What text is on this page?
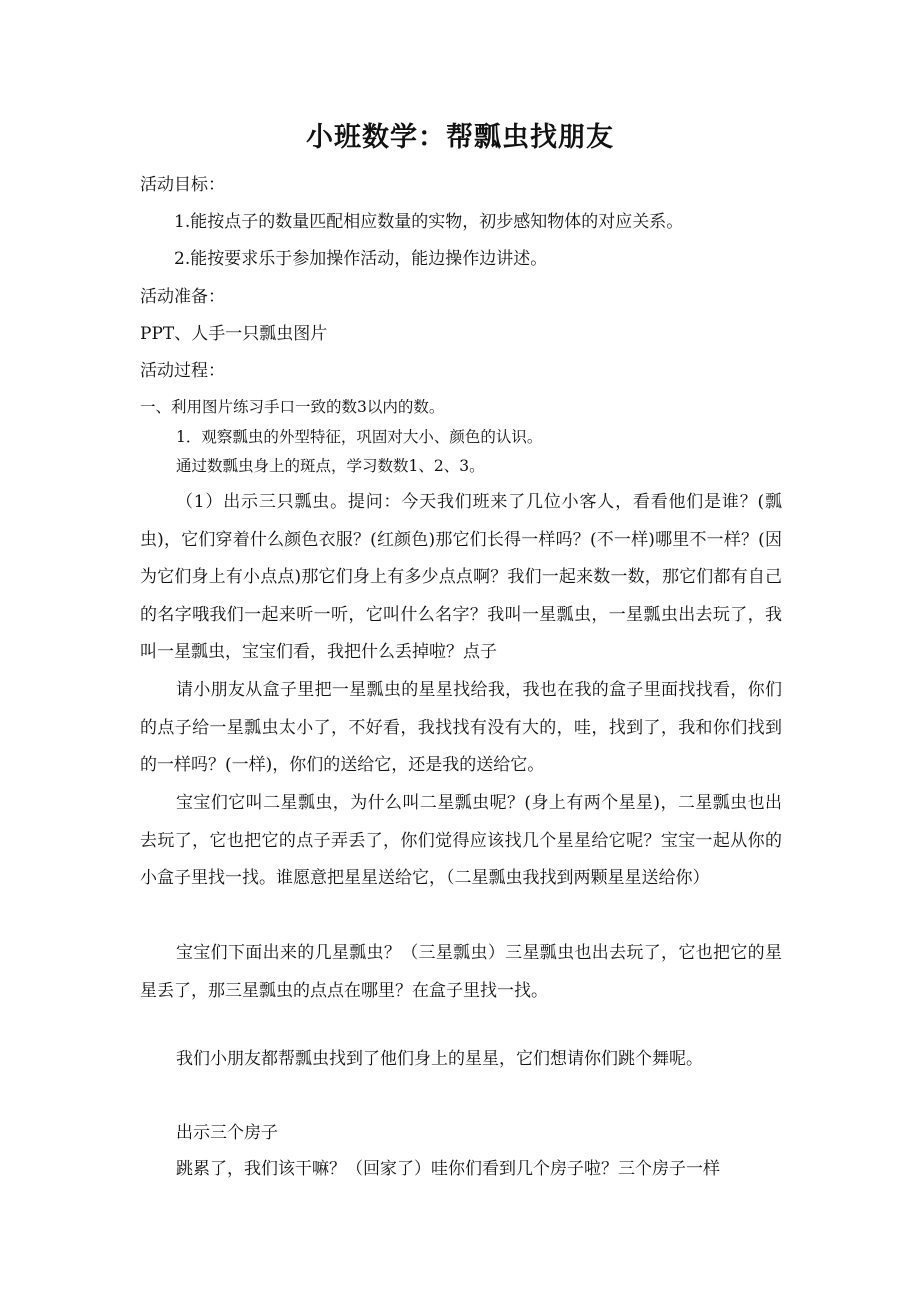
小班数学：帮瓢虫找朋友
活动目标：
1.能按点子的数量匹配相应数量的实物，初步感知物体的对应关系。
2.能按要求乐于参加操作活动，能边操作边讲述。
活动准备：
PPT、人手一只瓢虫图片
活动过程：
一、利用图片练习手口一致的数3以内的数。
1．观察瓢虫的外型特征，巩固对大小、颜色的认识。
通过数瓢虫身上的斑点，学习数数1、2、3。

（1）出示三只瓢虫。提问：今天我们班来了几位小客人，看看他们是谁？(瓢虫)，它们穿着什么颜色衣服？(红颜色)那它们长得一样吗？(不一样)哪里不一样？(因为它们身上有小点点)那它们身上有多少点点啊？我们一起来数一数，那它们都有自己的名字哦我们一起来听一听，它叫什么名字？我叫一星瓢虫，一星瓢虫出去玩了，我叫一星瓢虫，宝宝们看，我把什么丢掉啦？点子

请小朋友从盒子里把一星瓢虫的星星找给我，我也在我的盒子里面找找看，你们的点子给一星瓢虫太小了，不好看，我找找有没有大的，哇，找到了，我和你们找到的一样吗？(一样)，你们的送给它，还是我的送给它。

宝宝们它叫二星瓢虫，为什么叫二星瓢虫呢？(身上有两个星星)，二星瓢虫也出去玩了，它也把它的点子弄丢了，你们觉得应该找几个星星给它呢？宝宝一起从你的小盒子里找一找。谁愿意把星星送给它，（二星瓢虫我找到两颗星星送给你）

宝宝们下面出来的几星瓢虫？（三星瓢虫）三星瓢虫也出去玩了，它也把它的星星丢了，那三星瓢虫的点点在哪里？在盒子里找一找。

我们小朋友都帮瓢虫找到了他们身上的星星，它们想请你们跳个舞呢。
出示三个房子
跳累了，我们该干嘛？（回家了）哇你们看到几个房子啦？三个房子一样
